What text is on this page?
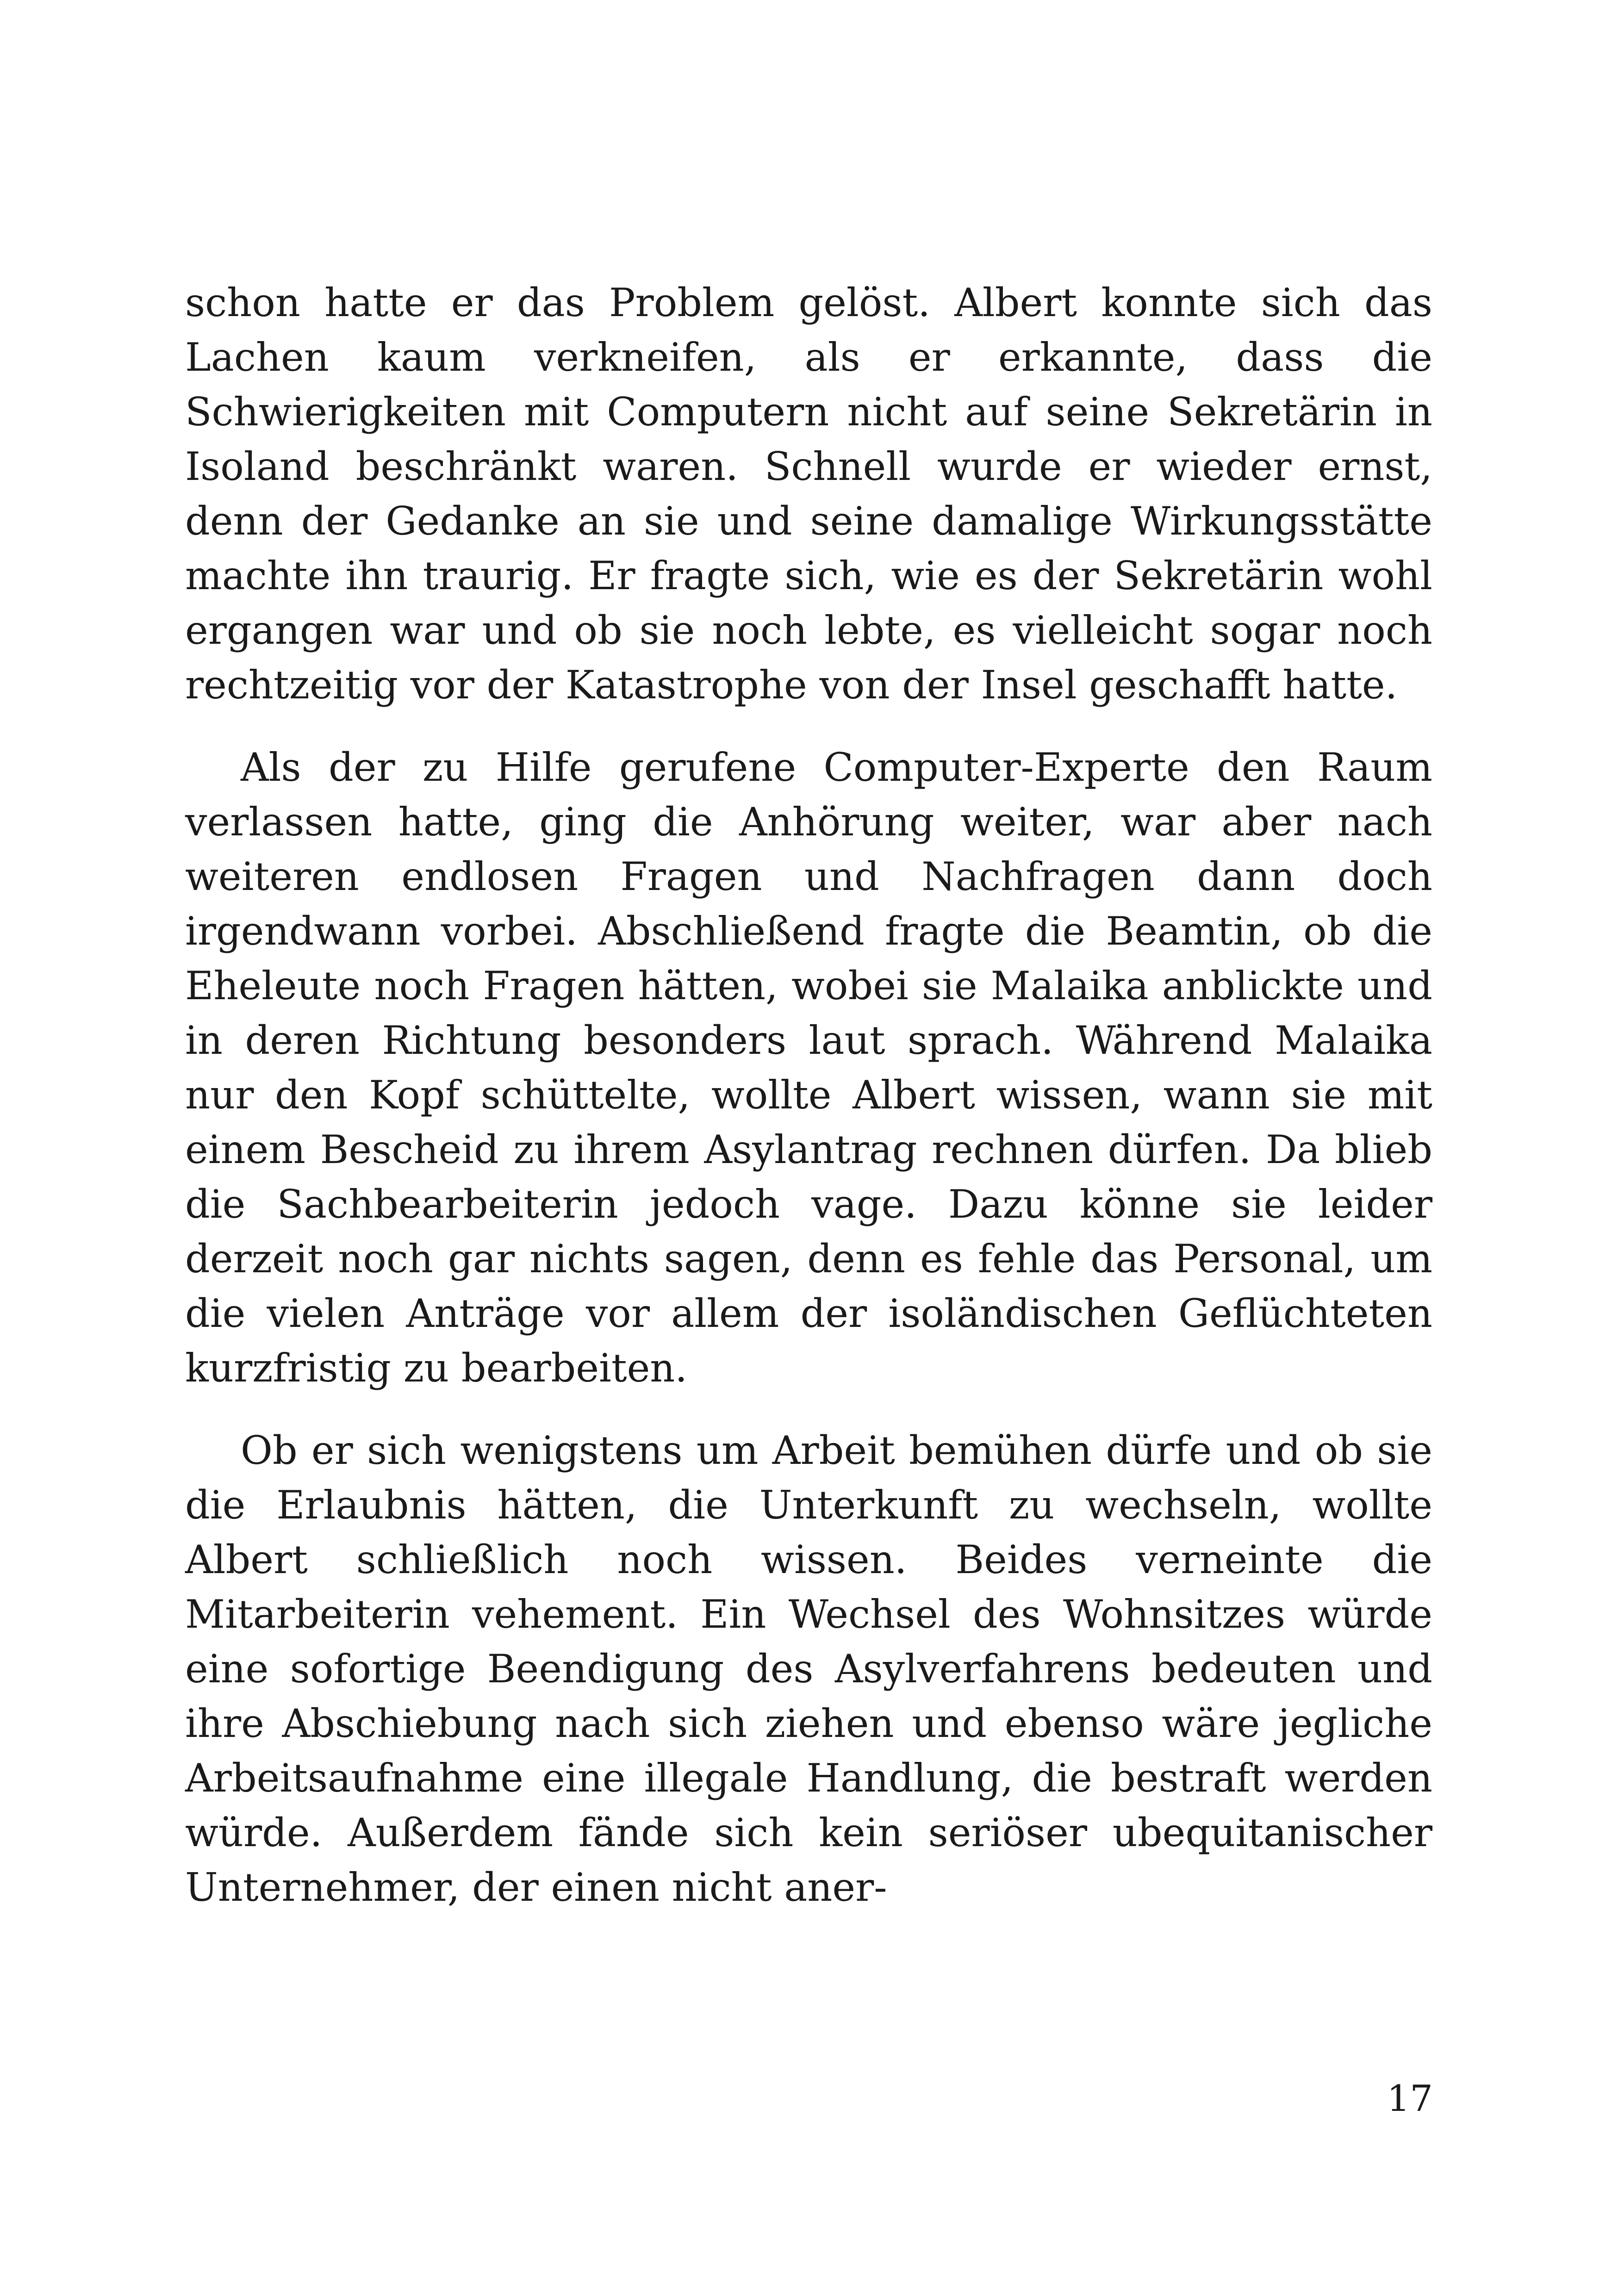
schon hatte er das Problem gelöst. Albert konnte sich das Lachen kaum verkneifen, als er erkannte, dass die Schwierigkeiten mit Computern nicht auf seine Sekretärin in Isoland beschränkt waren. Schnell wurde er wieder ernst, denn der Gedanke an sie und seine damalige Wirkungsstätte machte ihn traurig. Er fragte sich, wie es der Sekretärin wohl ergangen war und ob sie noch lebte, es vielleicht sogar noch rechtzeitig vor der Katastrophe von der Insel geschafft hatte.

Als der zu Hilfe gerufene Computer-Experte den Raum verlassen hatte, ging die Anhörung weiter, war aber nach weiteren endlosen Fragen und Nachfragen dann doch irgendwann vorbei. Abschließend fragte die Beamtin, ob die Eheleute noch Fragen hätten, wobei sie Malaika anblickte und in deren Richtung besonders laut sprach. Während Malaika nur den Kopf schüttelte, wollte Albert wissen, wann sie mit einem Bescheid zu ihrem Asylantrag rechnen dürfen. Da blieb die Sachbearbeiterin jedoch vage. Dazu könne sie leider derzeit noch gar nichts sagen, denn es fehle das Personal, um die vielen Anträge vor allem der isoländischen Geflüchteten kurzfristig zu bearbeiten.

Ob er sich wenigstens um Arbeit bemühen dürfe und ob sie die Erlaubnis hätten, die Unterkunft zu wechseln, wollte Albert schließlich noch wissen. Beides verneinte die Mitarbeiterin vehement. Ein Wechsel des Wohnsitzes würde eine sofortige Beendigung des Asylverfahrens bedeuten und ihre Abschiebung nach sich ziehen und ebenso wäre jegliche Arbeitsaufnahme eine illegale Handlung, die bestraft werden würde. Außerdem fände sich kein seriöser ubequitanischer Unternehmer, der einen nicht aner-

17
